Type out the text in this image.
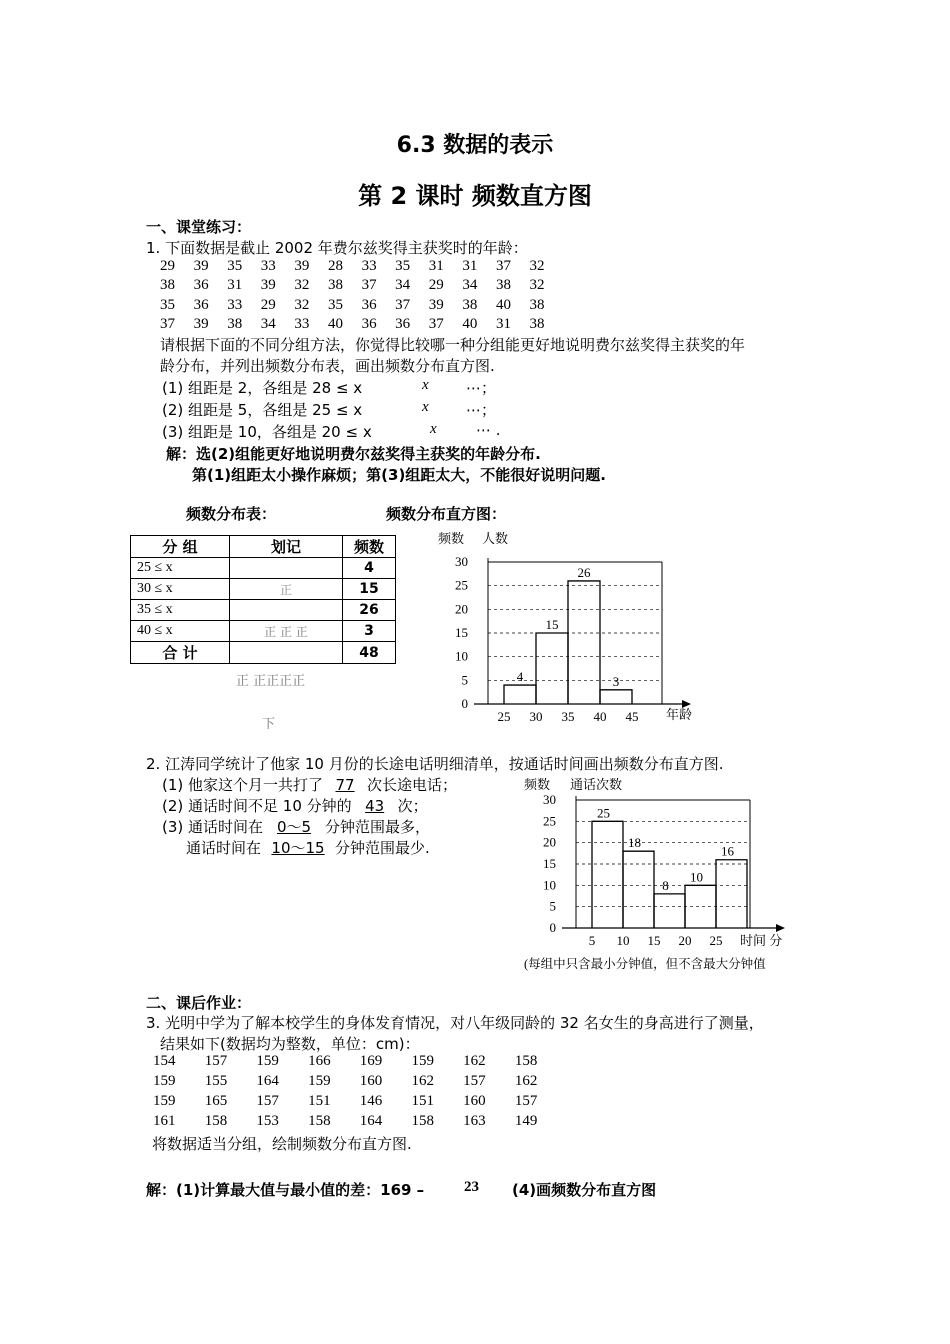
6.3 数据的表示
第 2 课时 频数直方图
一、课堂练习：
1. 下面数据是截止 2002 年费尔兹奖得主获奖时的年龄：
29 39 35 33 39 28 33 35 31 31 37 32
38 36 31 39 32 38 37 34 29 34 38 32
35 36 33 29 32 35 36 37 39 38 40 38
37 39 38 34 33 40 36 36 37 40 31 38
请根据下面的不同分组方法，你觉得比较哪一种分组能更好地说明费尔兹奖得主获奖的年
龄分布，并列出频数分布表，画出频数分布直方图.
(1) 组距是 2，各组是 28 ≤ x	x ⋯；
(2) 组距是 5，各组是 25 ≤ x	x ⋯；
(3) 组距是 10，各组是 20 ≤ x	x	⋯ .
解：选(2)组能更好地说明费尔兹奖得主获奖的年龄分布.
第(1)组距太小操作麻烦；第(3)组距太大，不能很好说明问题.
频数分布表：	频数分布直方图：
分 组	划记	频数
25 ≤ x		4
30 ≤ x	正	15
35 ≤ x		26
40 ≤ x	正 正 正	3
合 计		48
正 正正正正
下
频数 人数
年龄
0
5
10
15
20
25
30
4
15
26
3
25 30 35 40 45
2. 江涛同学统计了他家 10 月份的长途电话明细清单，按通话时间画出频数分布直方图.
(1) 他家这个月一共打了 77 次长途电话；
(2) 通话时间不足 10 分钟的 43 次；
(3) 通话时间在 0～5 分钟范围最多，
通话时间在 10～15 分钟范围最少.
频数 通话次数
时间 分
(每组中只含最小分钟值，但不含最大分钟值
0
5
10
15
20
25
30
25
18
8
10
16
5 10 15 20 25
二、课后作业：
3. 光明中学为了解本校学生的身体发育情况，对八年级同龄的 32 名女生的身高进行了测量，
结果如下(数据均为整数，单位：cm)：
154 157 159 166 169 159 162 158
159 155 164 159 160 162 157 162
159 165 157 151 146 151 160 157
161 158 153 158 164 158 163 149
将数据适当分组，绘制频数分布直方图.
解：(1)计算最大值与最小值的差：169 –	23 (4)画频数分布直方图
